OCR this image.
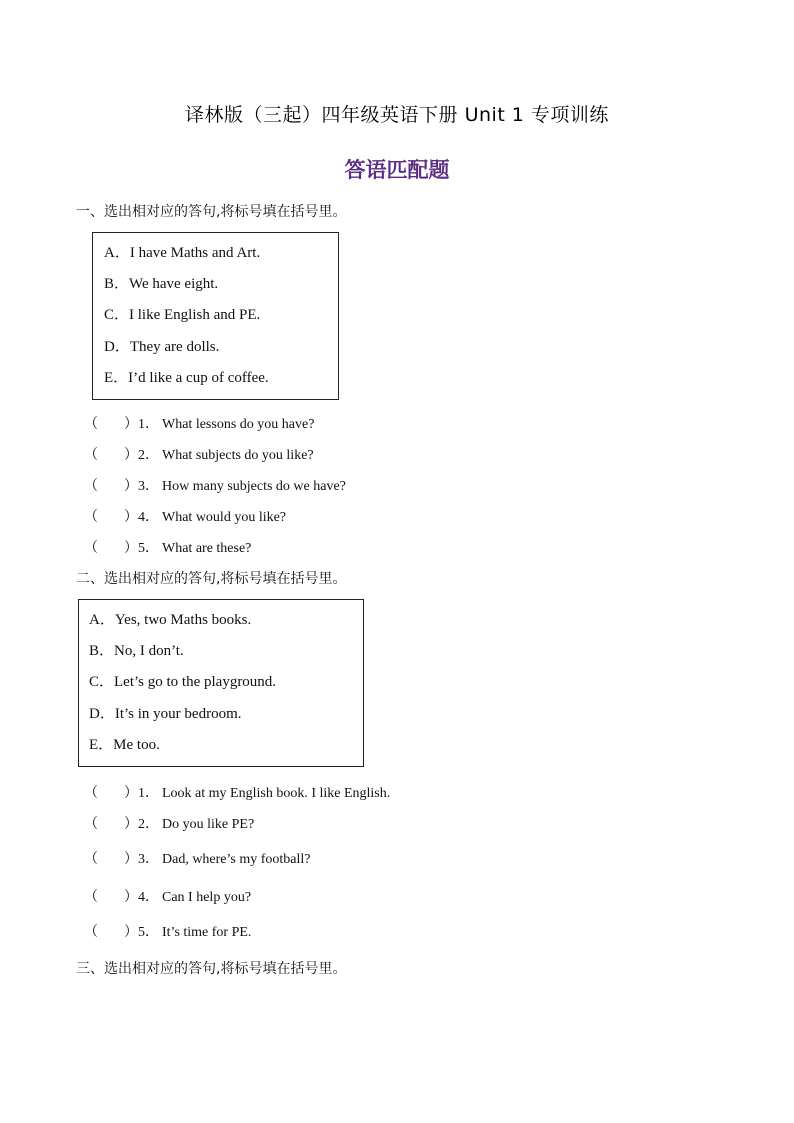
译林版（三起）四年级英语下册 Unit 1 专项训练
答语匹配题
一、选出相对应的答句,将标号填在括号里。
A．I have Maths and Art.
B．We have eight.
C．I like English and PE.
D．They are dolls.
E．I’d like a cup of coffee.
（ ）1． What lessons do you have?
（ ）2． What subjects do you like?
（ ）3． How many subjects do we have?
（ ）4． What would you like?
（ ）5． What are these?
二、选出相对应的答句,将标号填在括号里。
A．Yes, two Maths books.
B．No, I don’t.
C．Let’s go to the playground.
D．It’s in your bedroom.
E．Me too.
（ ）1． Look at my English book. I like English.
（ ）2． Do you like PE?
（ ）3． Dad, where’s my football?
（ ）4． Can I help you?
（ ）5． It’s time for PE.
三、选出相对应的答句,将标号填在括号里。
